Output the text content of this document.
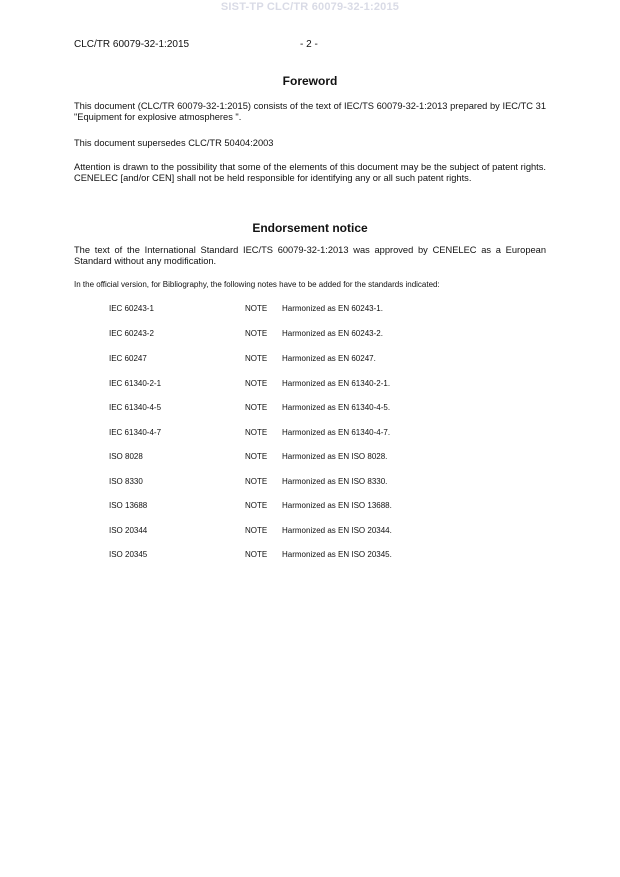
SIST-TP CLC/TR 60079-32-1:2015
CLC/TR 60079-32-1:2015	- 2 -
Foreword

This document (CLC/TR 60079-32-1:2015) consists of the text of IEC/TS 60079-32-1:2013 prepared by IEC/TC 31 "Equipment for explosive atmospheres ".

This document supersedes CLC/TR 50404:2003

Attention is drawn to the possibility that some of the elements of this document may be the subject of patent rights. CENELEC [and/or CEN] shall not be held responsible for identifying any or all such patent rights.

Endorsement notice

The text of the International Standard IEC/TS 60079-32-1:2013 was approved by CENELEC as a European Standard without any modification.

In the official version, for Bibliography, the following notes have to be added for the standards indicated:

IEC 60243-1	NOTE Harmonized as EN 60243-1.
IEC 60243-2	NOTE Harmonized as EN 60243-2.
IEC 60247	NOTE Harmonized as EN 60247.
IEC 61340-2-1	NOTE Harmonized as EN 61340-2-1.
IEC 61340-4-5	NOTE Harmonized as EN 61340-4-5.
IEC 61340-4-7	NOTE Harmonized as EN 61340-4-7.
ISO 8028	NOTE Harmonized as EN ISO 8028.
ISO 8330	NOTE Harmonized as EN ISO 8330.
ISO 13688	NOTE Harmonized as EN ISO 13688.
ISO 20344	NOTE Harmonized as EN ISO 20344.
ISO 20345	NOTE Harmonized as EN ISO 20345.
